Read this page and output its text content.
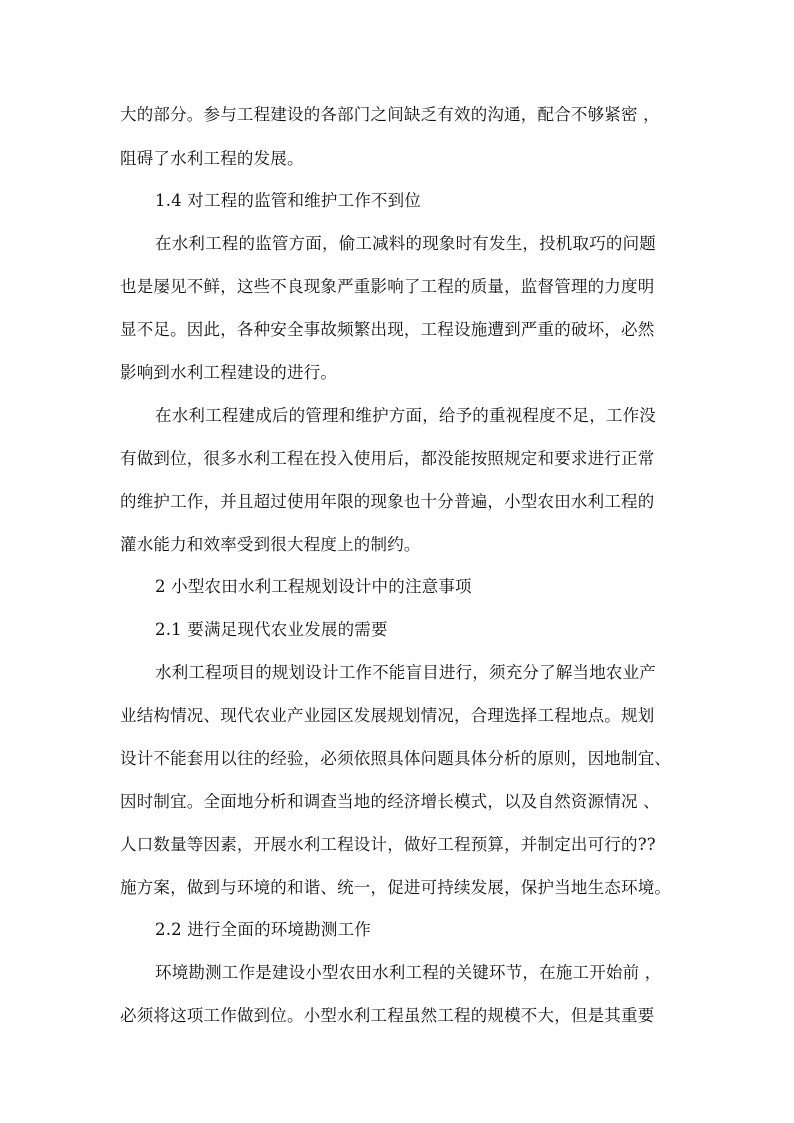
大的部分。参与工程建设的各部门之间缺乏有效的沟通，配合不够紧密 ，
阻碍了水利工程的发展。
1.4 对工程的监管和维护工作不到位
在水利工程的监管方面，偷工减料的现象时有发生，投机取巧的问题
也是屡见不鲜，这些不良现象严重影响了工程的质量，监督管理的力度明
显不足。因此，各种安全事故频繁出现，工程设施遭到严重的破坏，必然
影响到水利工程建设的进行。
在水利工程建成后的管理和维护方面，给予的重视程度不足，工作没
有做到位，很多水利工程在投入使用后，都没能按照规定和要求进行正常
的维护工作，并且超过使用年限的现象也十分普遍，小型农田水利工程的
灌水能力和效率受到很大程度上的制约。
2 小型农田水利工程规划设计中的注意事项
2.1 要满足现代农业发展的需要
水利工程项目的规划设计工作不能盲目进行，须充分了解当地农业产
业结构情况、现代农业产业园区发展规划情况，合理选择工程地点。规划
设计不能套用以往的经验，必须依照具体问题具体分析的原则，因地制宜、
因时制宜。全面地分析和调查当地的经济增长模式，以及自然资源情况 、
人口数量等因素，开展水利工程设计，做好工程预算，并制定出可行的??
施方案，做到与环境的和谐、统一，促进可持续发展，保护当地生态环境。
2.2 进行全面的环境勘测工作
环境勘测工作是建设小型农田水利工程的关键环节，在施工开始前 ，
必须将这项工作做到位。小型水利工程虽然工程的规模不大，但是其重要
